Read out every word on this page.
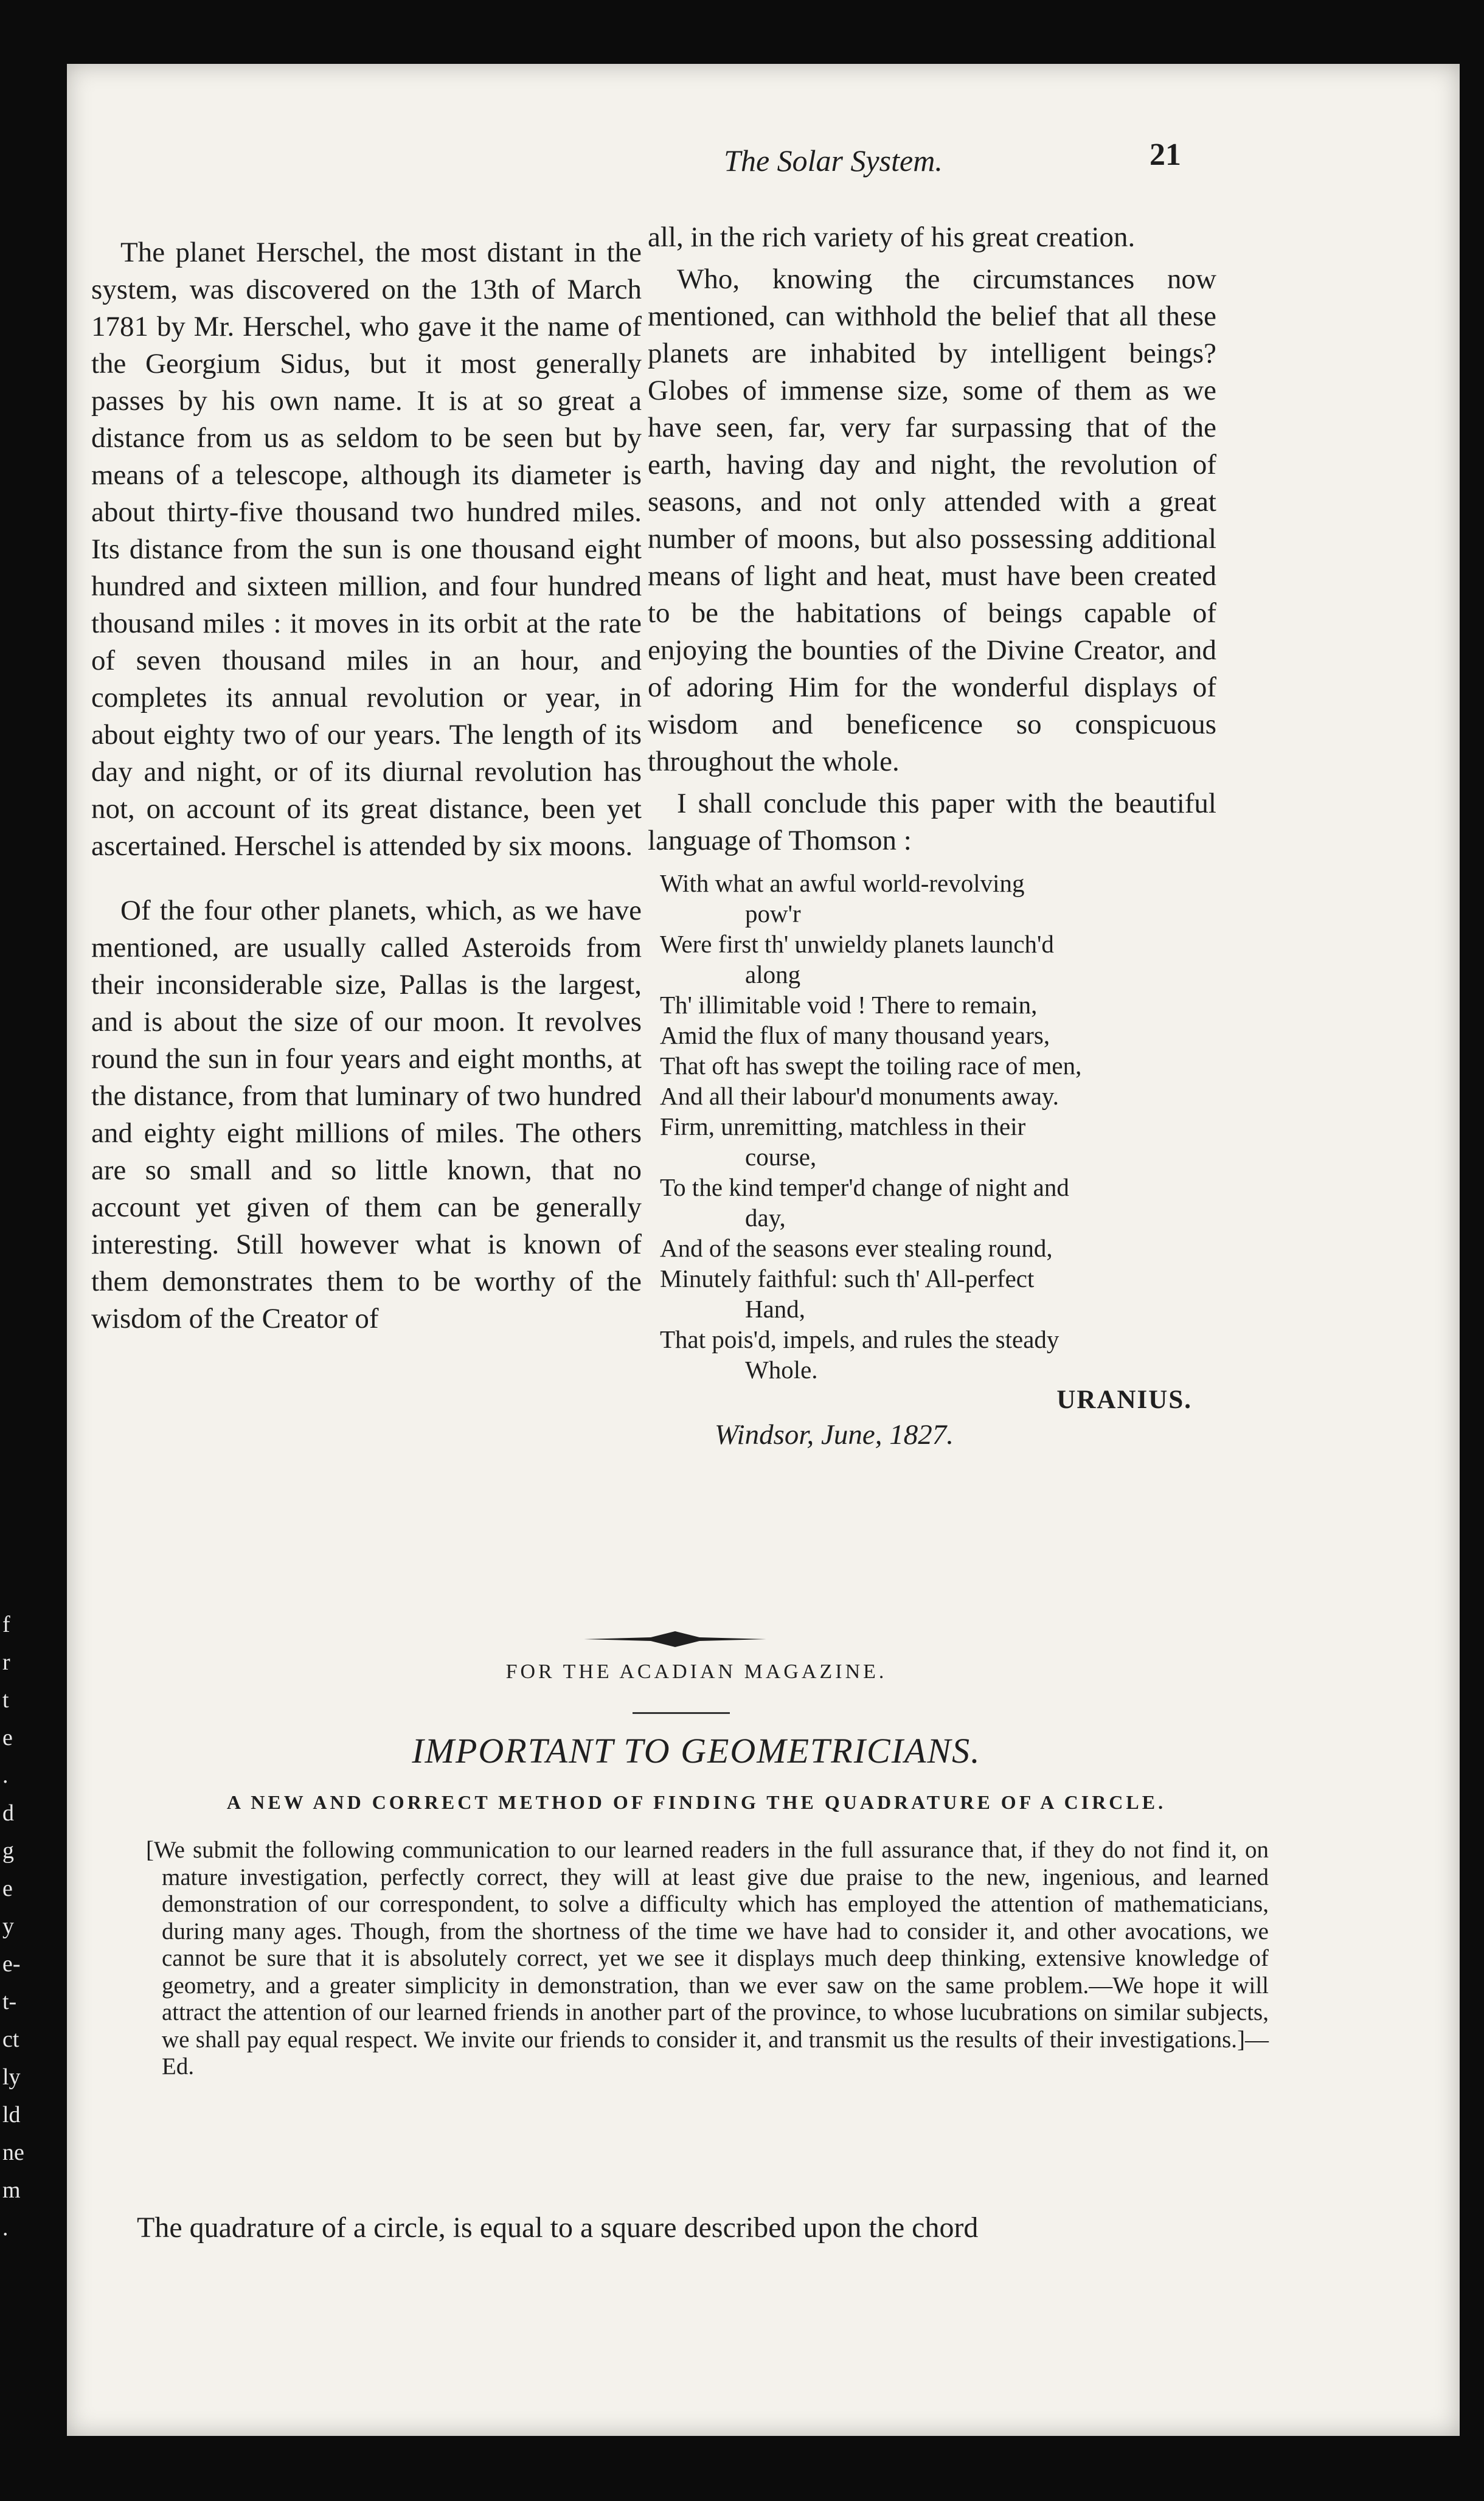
f
r
t
e
.
d
g
e
y
e-
t-
ct
ly
ld
ne
m
.
The Solar System.	21

The planet Herschel, the most distant in the system, was discovered on the 13th of March 1781 by Mr. Herschel, who gave it the name of the Georgium Sidus, but it most generally passes by his own name. It is at so great a distance from us as seldom to be seen but by means of a telescope, although its diameter is about thirty-five thousand two hundred miles. Its distance from the sun is one thousand eight hundred and sixteen million, and four hundred thousand miles : it moves in its orbit at the rate of seven thousand miles in an hour, and completes its annual revolution or year, in about eighty two of our years. The length of its day and night, or of its diurnal revolution has not, on account of its great distance, been yet ascertained. Herschel is attended by six moons.

Of the four other planets, which, as we have mentioned, are usually called Asteroids from their inconsiderable size, Pallas is the largest, and is about the size of our moon. It revolves round the sun in four years and eight months, at the distance, from that luminary of two hundred and eighty eight millions of miles. The others are so small and so little known, that no account yet given of them can be generally interesting. Still however what is known of them demonstrates them to be worthy of the wisdom of the Creator of

all, in the rich variety of his great creation.

Who, knowing the circumstances now mentioned, can withhold the belief that all these planets are inhabited by intelligent beings? Globes of immense size, some of them as we have seen, far, very far surpassing that of the earth, having day and night, the revolution of seasons, and not only attended with a great number of moons, but also possessing additional means of light and heat, must have been created to be the habitations of beings capable of enjoying the bounties of the Divine Creator, and of adoring Him for the wonderful displays of wisdom and beneficence so conspicuous throughout the whole.

I shall conclude this paper with the beautiful language of Thomson :

With what an awful world-revolving
pow'r
Were first th' unwieldy planets launch'd
along
Th' illimitable void ! There to remain,
Amid the flux of many thousand years,
That oft has swept the toiling race of men,
And all their labour'd monuments away.
Firm, unremitting, matchless in their
course,
To the kind temper'd change of night and
day,
And of the seasons ever stealing round,
Minutely faithful: such th' All-perfect
Hand,
That pois'd, impels, and rules the steady
Whole.
URANIUS.
Windsor, June, 1827.
FOR THE ACADIAN MAGAZINE.
IMPORTANT TO GEOMETRICIANS.
A NEW AND CORRECT METHOD OF FINDING THE QUADRATURE OF A CIRCLE.
[We submit the following communication to our learned readers in the full assurance that, if they do not find it, on mature investigation, perfectly correct, they will at least give due praise to the new, ingenious, and learned demonstration of our correspondent, to solve a difficulty which has employed the attention of mathematicians, during many ages. Though, from the shortness of the time we have had to consider it, and other avocations, we cannot be sure that it is absolutely correct, yet we see it displays much deep thinking, extensive knowledge of geometry, and a greater simplicity in demonstration, than we ever saw on the same problem.—We hope it will attract the attention of our learned friends in another part of the province, to whose lucubrations on similar subjects, we shall pay equal respect. We invite our friends to consider it, and transmit us the results of their investigations.]—Ed.
The quadrature of a circle, is equal to a square described upon the chord
